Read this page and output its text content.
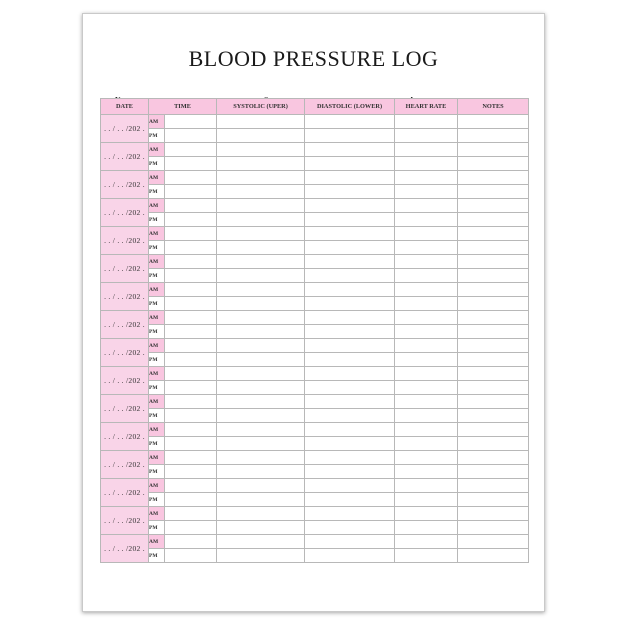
BLOOD PRESSURE LOG
DATE	TIME		SYSTOLIC (UPER)	DIASTOLIC (LOWER)	HEART RATE	NOTES
. . / . . /202 .	AM					
	PM					
. . / . . /202 .	AM					
	PM					
. . / . . /202 .	AM					
	PM					
. . / . . /202 .	AM					
	PM					
. . / . . /202 .	AM					
	PM					
. . / . . /202 .	AM					
	PM					
. . / . . /202 .	AM					
	PM					
. . / . . /202 .	AM					
	PM					
. . / . . /202 .	AM					
	PM					
. . / . . /202 .	AM					
	PM					
. . / . . /202 .	AM					
	PM					
. . / . . /202 .	AM					
	PM					
. . / . . /202 .	AM					
	PM					
. . / . . /202 .	AM					
	PM					
. . / . . /202 .	AM					
	PM					
. . / . . /202 .	AM					
	PM					
